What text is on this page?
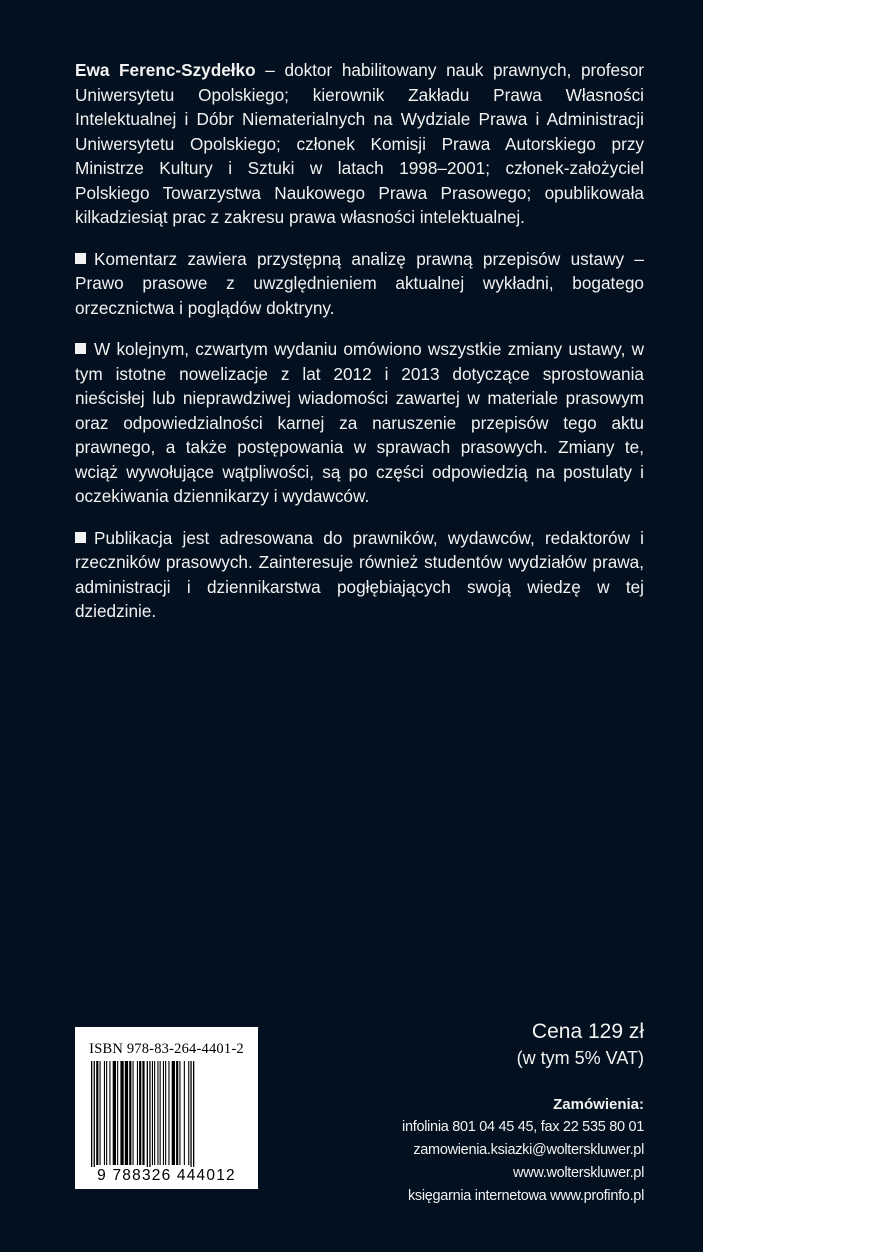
Ewa Ferenc-Szydełko – doktor habilitowany nauk prawnych, profesor Uniwersytetu Opolskiego; kierownik Zakładu Prawa Własności Intelektualnej i Dóbr Niematerialnych na Wydziale Prawa i Administracji Uniwersytetu Opolskiego; członek Komisji Prawa Autorskiego przy Ministrze Kultury i Sztuki w latach 1998–2001; członek-założyciel Polskiego Towarzystwa Naukowego Prawa Prasowego; opublikowała kilkadziesiąt prac z zakresu prawa własności intelektualnej.

Komentarz zawiera przystępną analizę prawną przepisów ustawy – Prawo prasowe z uwzględnieniem aktualnej wykładni, bogatego orzecznictwa i poglądów doktryny.

W kolejnym, czwartym wydaniu omówiono wszystkie zmiany ustawy, w tym istotne nowelizacje z lat 2012 i 2013 dotyczące sprostowania nieścisłej lub nieprawdziwej wiadomości zawartej w materiale prasowym oraz odpowiedzialności karnej za naruszenie przepisów tego aktu prawnego, a także postępowania w sprawach prasowych. Zmiany te, wciąż wywołujące wątpliwości, są po części odpowiedzią na postulaty i oczekiwania dziennikarzy i wydawców.

Publikacja jest adresowana do prawników, wydawców, redaktorów i rzeczników prasowych. Zainteresuje również studentów wydziałów prawa, administracji i dziennikarstwa pogłębiających swoją wiedzę w tej dziedzinie.

ISBN 978-83-264-4401-2
9 788326 444012
Cena 129 zł
(w tym 5% VAT)
Zamówienia:
infolinia 801 04 45 45, fax 22 535 80 01
zamowienia.ksiazki@wolterskluwer.pl
www.wolterskluwer.pl
księgarnia internetowa www.profinfo.pl
